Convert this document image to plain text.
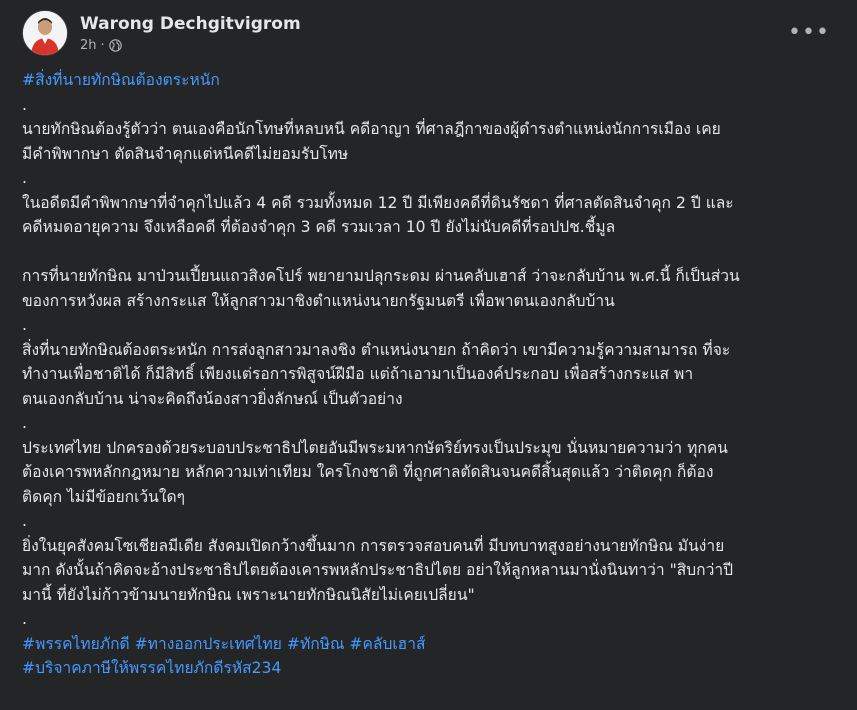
Warong Dechgitvigrom
2h ·
•••
#สิ่งที่นายทักษิณต้องตระหนัก
.
นายทักษิณต้องรู้ตัวว่า ตนเองคือนักโทษที่หลบหนี คดีอาญา ที่ศาลฎีกาของผู้ดำรงตำแหน่งนักการเมือง เคย
มีคำพิพากษา ตัดสินจำคุกแต่หนีคดีไม่ยอมรับโทษ
.
ในอดีตมีคำพิพากษาที่จำคุกไปแล้ว 4 คดี รวมทั้งหมด 12 ปี มีเพียงคดีที่ดินรัชดา ที่ศาลตัดสินจำคุก 2 ปี และ
คดีหมดอายุความ จึงเหลือคดี ที่ต้องจำคุก 3 คดี รวมเวลา 10 ปี ยังไม่นับคดีที่รอปปช.ชี้มูล
การที่นายทักษิณ มาป่วนเปี้ยนแถวสิงคโปร์ พยายามปลุกระดม ผ่านคลับเฮาส์ ว่าจะกลับบ้าน พ.ศ.นี้ ก็เป็นส่วน
ของการหวังผล สร้างกระแส ให้ลูกสาวมาชิงตำแหน่งนายกรัฐมนตรี เพื่อพาตนเองกลับบ้าน
.
สิ่งที่นายทักษิณต้องตระหนัก การส่งลูกสาวมาลงชิง ตำแหน่งนายก ถ้าคิดว่า เขามีความรู้ความสามารถ ที่จะ
ทำงานเพื่อชาติได้ ก็มีสิทธิ์ เพียงแต่รอการพิสูจน์ฝีมือ แต่ถ้าเอามาเป็นองค์ประกอบ เพื่อสร้างกระแส พา
ตนเองกลับบ้าน น่าจะคิดถึงน้องสาวยิ่งลักษณ์ เป็นตัวอย่าง
.
ประเทศไทย ปกครองด้วยระบอบประชาธิปไตยอันมีพระมหากษัตริย์ทรงเป็นประมุข นั่นหมายความว่า ทุกคน
ต้องเคารพหลักกฎหมาย หลักความเท่าเทียม ใครโกงชาติ ที่ถูกศาลตัดสินจนคดีสิ้นสุดแล้ว ว่าติดคุก ก็ต้อง
ติดคุก ไม่มีข้อยกเว้นใดๆ
.
ยิ่งในยุคสังคมโซเชียลมีเดีย สังคมเปิดกว้างขึ้นมาก การตรวจสอบคนที่ มีบทบาทสูงอย่างนายทักษิณ มันง่าย
มาก ดังนั้นถ้าคิดจะอ้างประชาธิปไตยต้องเคารพหลักประชาธิปไตย อย่าให้ลูกหลานมานั่งนินทาว่า "สิบกว่าปี
มานี้ ที่ยังไม่ก้าวข้ามนายทักษิณ เพราะนายทักษิณนิสัยไม่เคยเปลี่ยน"
.
#พรรคไทยภักดี #ทางออกประเทศไทย #ทักษิณ #คลับเฮาส์
#บริจาคภาษีให้พรรคไทยภักดีรหัส234
